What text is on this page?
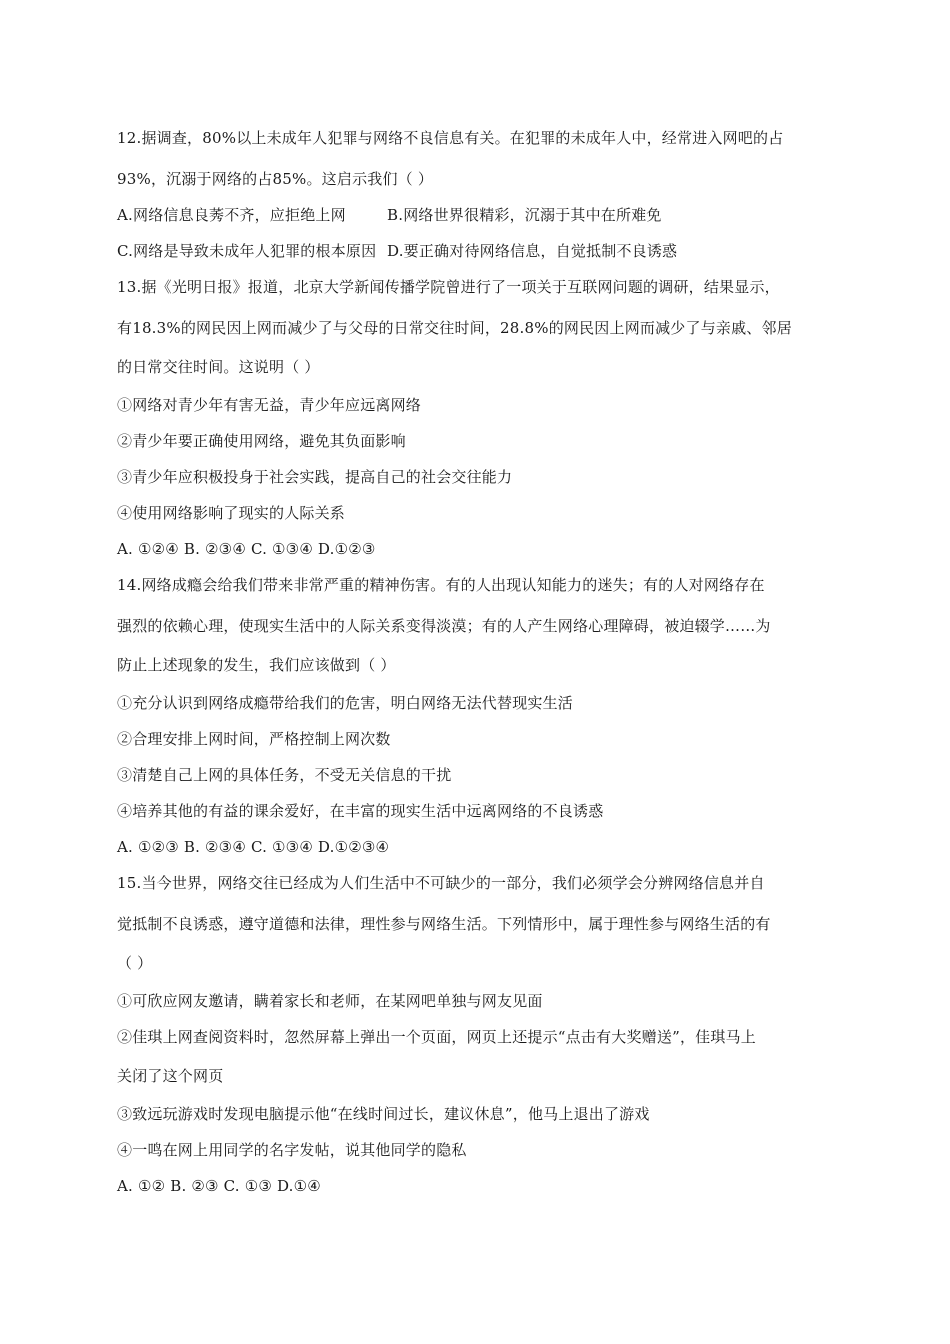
12.据调查，80%以上未成年人犯罪与网络不良信息有关。在犯罪的未成年人中，经常进入网吧的占
93%，沉溺于网络的占85%。这启示我们（ ）
A.网络信息良莠不齐，应拒绝上网	B.网络世界很精彩，沉溺于其中在所难免
C.网络是导致未成年人犯罪的根本原因 D.要正确对待网络信息，自觉抵制不良诱惑
13.据《光明日报》报道，北京大学新闻传播学院曾进行了一项关于互联网问题的调研，结果显示，
有18.3%的网民因上网而减少了与父母的日常交往时间，28.8%的网民因上网而减少了与亲戚、邻居
的日常交往时间。这说明（ ）
①网络对青少年有害无益，青少年应远离网络
②青少年要正确使用网络，避免其负面影响
③青少年应积极投身于社会实践，提高自己的社会交往能力
④使用网络影响了现实的人际关系
A. ①②④ B. ②③④ C. ①③④ D.①②③
14.网络成瘾会给我们带来非常严重的精神伤害。有的人出现认知能力的迷失；有的人对网络存在
强烈的依赖心理，使现实生活中的人际关系变得淡漠；有的人产生网络心理障碍，被迫辍学……为
防止上述现象的发生，我们应该做到（ ）
①充分认识到网络成瘾带给我们的危害，明白网络无法代替现实生活
②合理安排上网时间，严格控制上网次数
③清楚自己上网的具体任务，不受无关信息的干扰
④培养其他的有益的课余爱好，在丰富的现实生活中远离网络的不良诱惑
A. ①②③ B. ②③④ C. ①③④ D.①②③④
15.当今世界，网络交往已经成为人们生活中不可缺少的一部分，我们必须学会分辨网络信息并自
觉抵制不良诱惑，遵守道德和法律，理性参与网络生活。下列情形中，属于理性参与网络生活的有
（ ）
①可欣应网友邀请，瞒着家长和老师，在某网吧单独与网友见面
②佳琪上网查阅资料时，忽然屏幕上弹出一个页面，网页上还提示“点击有大奖赠送”，佳琪马上
关闭了这个网页
③致远玩游戏时发现电脑提示他“在线时间过长，建议休息”，他马上退出了游戏
④一鸣在网上用同学的名字发帖，说其他同学的隐私
A. ①② B. ②③ C. ①③ D.①④
